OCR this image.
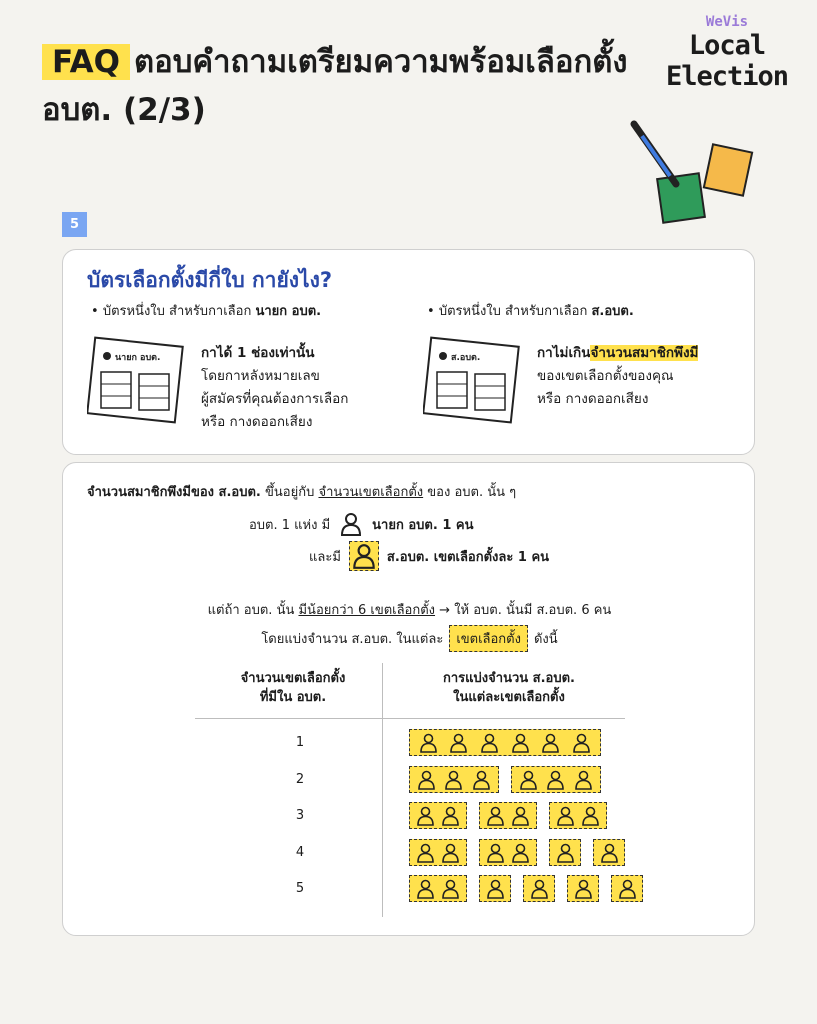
FAQ ตอบคำถามเตรียมความพร้อมเลือกตั้ง อบต. (2/3)
WeVis
Local
Election
5
บัตรเลือกตั้งมีกี่ใบ กายังไง?
• บัตรหนึ่งใบ สำหรับกาเลือก นายก อบต.	• บัตรหนึ่งใบ สำหรับกาเลือก ส.อบต.
นายก อบต.	กาได้ 1 ช่องเท่านั้น
โดยกาหลังหมายเลข
ผู้สมัครที่คุณต้องการเลือก
หรือ กางดออกเสียง
ส.อบต.	กาไม่เกินจำนวนสมาชิกพึงมี
ของเขตเลือกตั้งของคุณ
หรือ กางดออกเสียง
จำนวนสมาชิกพึงมีของ ส.อบต. ขึ้นอยู่กับ จำนวนเขตเลือกตั้ง ของ อบต. นั้น ๆ
อบต. 1 แห่ง มี	นายก อบต. 1 คน
และมี	ส.อบต. เขตเลือกตั้งละ 1 คน
แต่ถ้า อบต. นั้น มีน้อยกว่า 6 เขตเลือกตั้ง → ให้ อบต. นั้นมี ส.อบต. 6 คน
โดยแบ่งจำนวน ส.อบต. ในแต่ละ เขตเลือกตั้ง ดังนี้
จำนวนเขตเลือกตั้ง
ที่มีใน อบต.
การแบ่งจำนวน ส.อบต.
ในแต่ละเขตเลือกตั้ง
1
2
3
4
5
